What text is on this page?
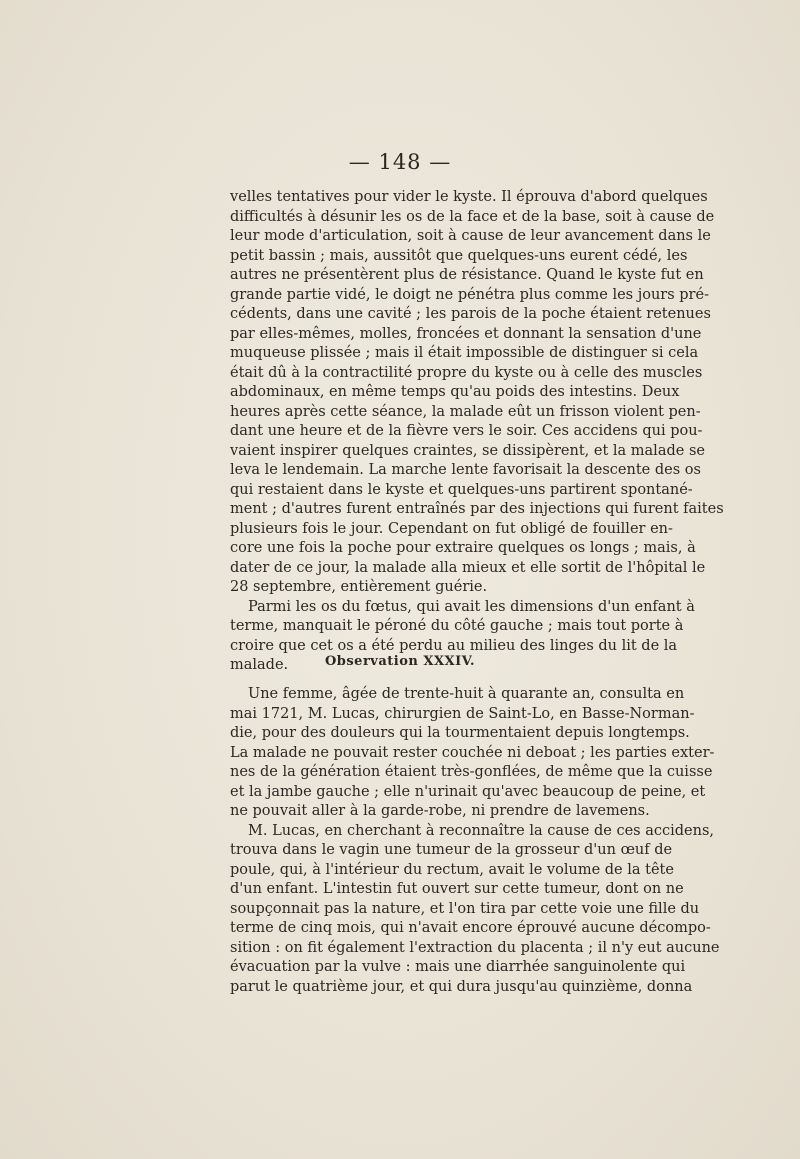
— 148 —
velles tentatives pour vider le kyste. Il éprouva d'abord quelques
difficultés à désunir les os de la face et de la base, soit à cause de
leur mode d'articulation, soit à cause de leur avancement dans le
petit bassin ; mais, aussitôt que quelques-uns eurent cédé, les
autres ne présentèrent plus de résistance. Quand le kyste fut en
grande partie vidé, le doigt ne pénétra plus comme les jours pré-
cédents, dans une cavité ; les parois de la poche étaient retenues
par elles-mêmes, molles, froncées et donnant la sensation d'une
muqueuse plissée ; mais il était impossible de distinguer si cela
était dû à la contractilité propre du kyste ou à celle des muscles
abdominaux, en même temps qu'au poids des intestins. Deux
heures après cette séance, la malade eût un frisson violent pen-
dant une heure et de la fièvre vers le soir. Ces accidens qui pou-
vaient inspirer quelques craintes, se dissipèrent, et la malade se
leva le lendemain. La marche lente favorisait la descente des os
qui restaient dans le kyste et quelques-uns partirent spontané-
ment ; d'autres furent entraînés par des injections qui furent faites
plusieurs fois le jour. Cependant on fut obligé de fouiller en-
core une fois la poche pour extraire quelques os longs ; mais, à
dater de ce jour, la malade alla mieux et elle sortit de l'hôpital le
28 septembre, entièrement guérie.
Parmi les os du fœtus, qui avait les dimensions d'un enfant à
terme, manquait le péroné du côté gauche ; mais tout porte à
croire que cet os a été perdu au milieu des linges du lit de la
malade.	Observation XXXIV.
Une femme, âgée de trente-huit à quarante an, consulta en
mai 1721, M. Lucas, chirurgien de Saint-Lo, en Basse-Norman-
die, pour des douleurs qui la tourmentaient depuis longtemps.
La malade ne pouvait rester couchée ni deboat ; les parties exter-
nes de la génération étaient très-gonflées, de même que la cuisse
et la jambe gauche ; elle n'urinait qu'avec beaucoup de peine, et
ne pouvait aller à la garde-robe, ni prendre de lavemens.
M. Lucas, en cherchant à reconnaître la cause de ces accidens,
trouva dans le vagin une tumeur de la grosseur d'un œuf de
poule, qui, à l'intérieur du rectum, avait le volume de la tête
d'un enfant. L'intestin fut ouvert sur cette tumeur, dont on ne
soupçonnait pas la nature, et l'on tira par cette voie une fille du
terme de cinq mois, qui n'avait encore éprouvé aucune décompo-
sition : on fit également l'extraction du placenta ; il n'y eut aucune
évacuation par la vulve : mais une diarrhée sanguinolente qui
parut le quatrième jour, et qui dura jusqu'au quinzième, donna
